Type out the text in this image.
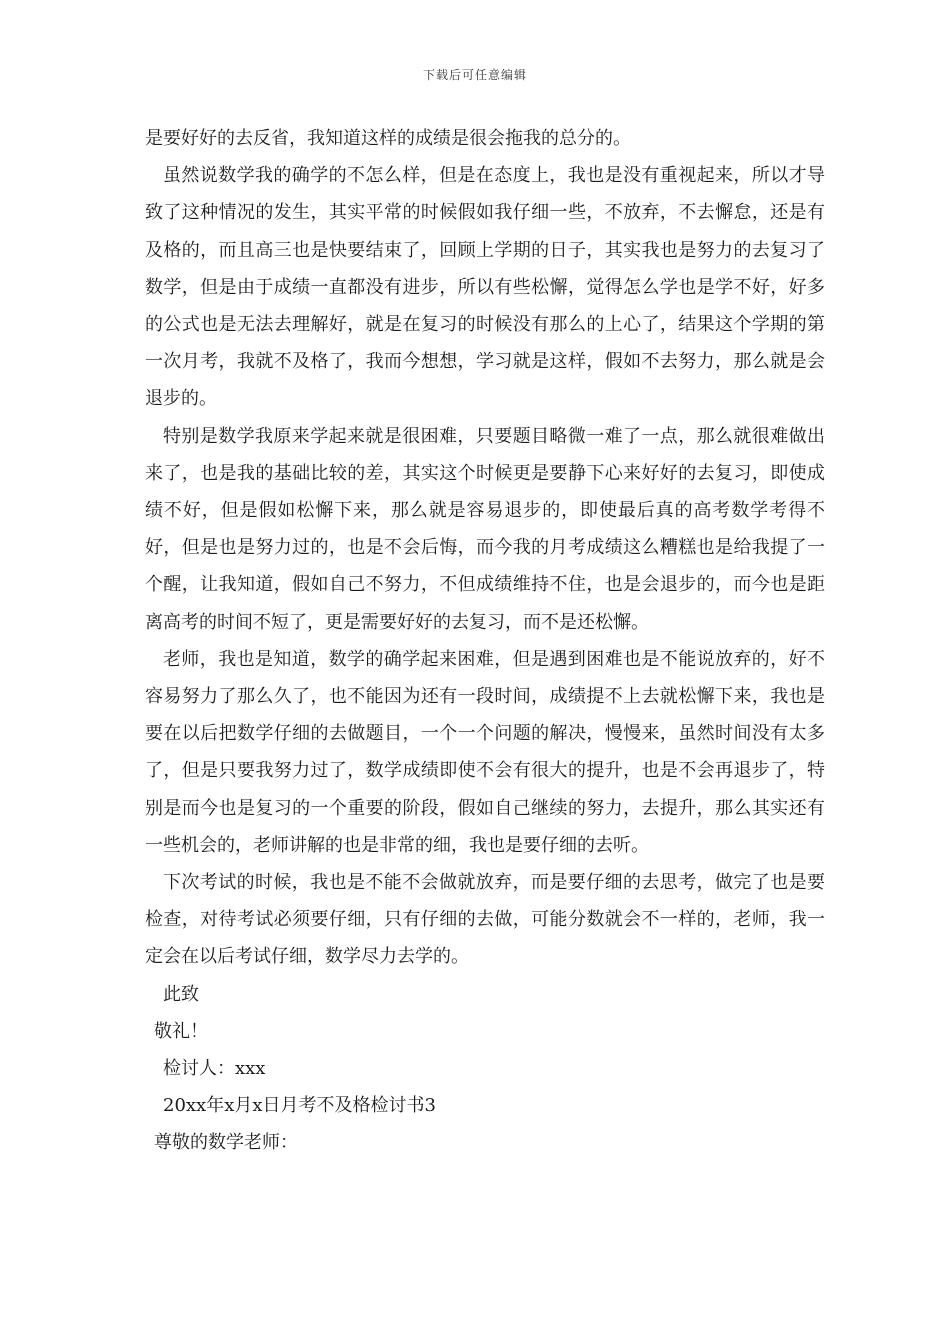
下载后可任意编辑

是要好好的去反省，我知道这样的成绩是很会拖我的总分的。

虽然说数学我的确学的不怎么样，但是在态度上，我也是没有重视起来，所以才导致了这种情况的发生，其实平常的时候假如我仔细一些，不放弃，不去懈怠，还是有及格的，而且高三也是快要结束了，回顾上学期的日子，其实我也是努力的去复习了数学，但是由于成绩一直都没有进步，所以有些松懈，觉得怎么学也是学不好，好多的公式也是无法去理解好，就是在复习的时候没有那么的上心了，结果这个学期的第一次月考，我就不及格了，我而今想想，学习就是这样，假如不去努力，那么就是会退步的。

特别是数学我原来学起来就是很困难，只要题目略微一难了一点，那么就很难做出来了，也是我的基础比较的差，其实这个时候更是要静下心来好好的去复习，即使成绩不好，但是假如松懈下来，那么就是容易退步的，即使最后真的高考数学考得不好，但是也是努力过的，也是不会后悔，而今我的月考成绩这么糟糕也是给我提了一个醒，让我知道，假如自己不努力，不但成绩维持不住，也是会退步的，而今也是距离高考的时间不短了，更是需要好好的去复习，而不是还松懈。

老师，我也是知道，数学的确学起来困难，但是遇到困难也是不能说放弃的，好不容易努力了那么久了，也不能因为还有一段时间，成绩提不上去就松懈下来，我也是要在以后把数学仔细的去做题目，一个一个问题的解决，慢慢来，虽然时间没有太多了，但是只要我努力过了，数学成绩即使不会有很大的提升，也是不会再退步了，特别是而今也是复习的一个重要的阶段，假如自己继续的努力，去提升，那么其实还有一些机会的，老师讲解的也是非常的细，我也是要仔细的去听。

下次考试的时候，我也是不能不会做就放弃，而是要仔细的去思考，做完了也是要检查，对待考试必须要仔细，只有仔细的去做，可能分数就会不一样的，老师，我一定会在以后考试仔细，数学尽力去学的。

此致

敬礼！

检讨人：xxx

20xx年x月x日月考不及格检讨书3

尊敬的数学老师：
